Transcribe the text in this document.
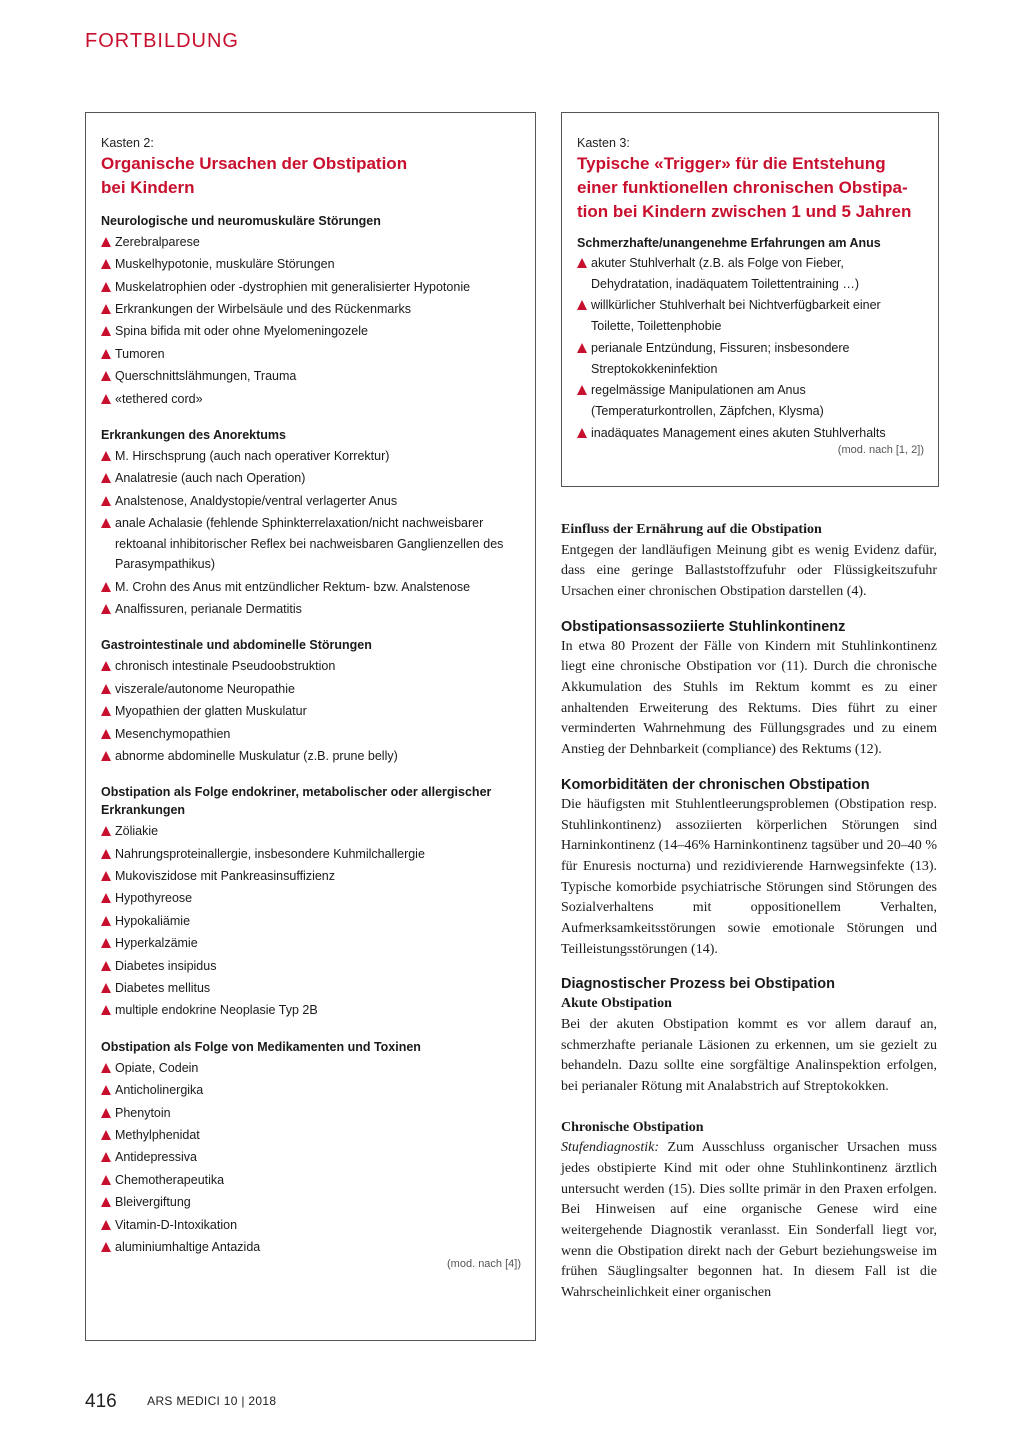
FORTBILDUNG
Kasten 2:
Organische Ursachen der Obstipation
bei Kindern
Neurologische und neuromuskuläre Störungen
Zerebralparese
Muskelhypotonie, muskuläre Störungen
Muskelatrophien oder -dystrophien mit generalisierter Hypotonie
Erkrankungen der Wirbelsäule und des Rückenmarks
Spina bifida mit oder ohne Myelomeningozele
Tumoren
Querschnittslähmungen, Trauma
«tethered cord»
Erkrankungen des Anorektums
M. Hirschsprung (auch nach operativer Korrektur)
Analatresie (auch nach Operation)
Analstenose, Analdystopie/ventral verlagerter Anus
anale Achalasie (fehlende Sphinkterrelaxation/nicht nachweisbarer rektoanal inhibitorischer Reflex bei nachweisbaren Ganglienzellen des Parasympathikus)
M. Crohn des Anus mit entzündlicher Rektum- bzw. Analstenose
Analfissuren, perianale Dermatitis
Gastrointestinale und abdominelle Störungen
chronisch intestinale Pseudoobstruktion
viszerale/autonome Neuropathie
Myopathien der glatten Muskulatur
Mesenchymopathien
abnorme abdominelle Muskulatur (z.B. prune belly)
Obstipation als Folge endokriner, metabolischer oder allergischer Erkrankungen
Zöliakie
Nahrungsproteinallergie, insbesondere Kuhmilchallergie
Mukoviszidose mit Pankreasinsuffizienz
Hypothyreose
Hypokaliämie
Hyperkalzämie
Diabetes insipidus
Diabetes mellitus
multiple endokrine Neoplasie Typ 2B
Obstipation als Folge von Medikamenten und Toxinen
Opiate, Codein
Anticholinergika
Phenytoin
Methylphenidat
Antidepressiva
Chemotherapeutika
Bleivergiftung
Vitamin-D-Intoxikation
aluminiumhaltige Antazida
(mod. nach [4])
Kasten 3:
Typische «Trigger» für die Entstehung
einer funktionellen chronischen Obstipa-
tion bei Kindern zwischen 1 und 5 Jahren
Schmerzhafte/unangenehme Erfahrungen am Anus
akuter Stuhlverhalt (z.B. als Folge von Fieber, Dehydratation, inadäquatem Toilettentraining …)
willkürlicher Stuhlverhalt bei Nichtverfügbarkeit einer Toilette, Toilettenphobie
perianale Entzündung, Fissuren; insbesondere Streptokokkeninfektion
regelmässige Manipulationen am Anus (Temperaturkontrollen, Zäpfchen, Klysma)
inadäquates Management eines akuten Stuhlverhalts
(mod. nach [1, 2])
Einfluss der Ernährung auf die Obstipation

Entgegen der landläufigen Meinung gibt es wenig Evidenz dafür, dass eine geringe Ballaststoffzufuhr oder Flüssigkeitszufuhr Ursachen einer chronischen Obstipation darstellen (4).

Obstipationsassoziierte Stuhlinkontinenz

In etwa 80 Prozent der Fälle von Kindern mit Stuhlinkontinenz liegt eine chronische Obstipation vor (11). Durch die chronische Akkumulation des Stuhls im Rektum kommt es zu einer anhaltenden Erweiterung des Rektums. Dies führt zu einer verminderten Wahrnehmung des Füllungsgrades und zu einem Anstieg der Dehnbarkeit (compliance) des Rektums (12).

Komorbiditäten der chronischen Obstipation

Die häufigsten mit Stuhlentleerungsproblemen (Obstipation resp. Stuhlinkontinenz) assoziierten körperlichen Störungen sind Harninkontinenz (14–46% Harninkontinenz tagsüber und 20–40 % für Enuresis nocturna) und rezidivierende Harnwegsinfekte (13). Typische komorbide psychiatrische Störungen sind Störungen des Sozialverhaltens mit oppositionellem Verhalten, Aufmerksamkeitsstörungen sowie emotionale Störungen und Teilleistungsstörungen (14).

Diagnostischer Prozess bei Obstipation
Akute Obstipation

Bei der akuten Obstipation kommt es vor allem darauf an, schmerzhafte perianale Läsionen zu erkennen, um sie gezielt zu behandeln. Dazu sollte eine sorgfältige Analinspektion erfolgen, bei perianaler Rötung mit Analabstrich auf Streptokokken.

Chronische Obstipation

Stufendiagnostik: Zum Ausschluss organischer Ursachen muss jedes obstipierte Kind mit oder ohne Stuhlinkontinenz ärztlich untersucht werden (15). Dies sollte primär in den Praxen erfolgen. Bei Hinweisen auf eine organische Genese wird eine weitergehende Diagnostik veranlasst. Ein Sonderfall liegt vor, wenn die Obstipation direkt nach der Geburt beziehungsweise im frühen Säuglingsalter begonnen hat. In diesem Fall ist die Wahrscheinlichkeit einer organischen

416	ARS MEDICI 10 | 2018
